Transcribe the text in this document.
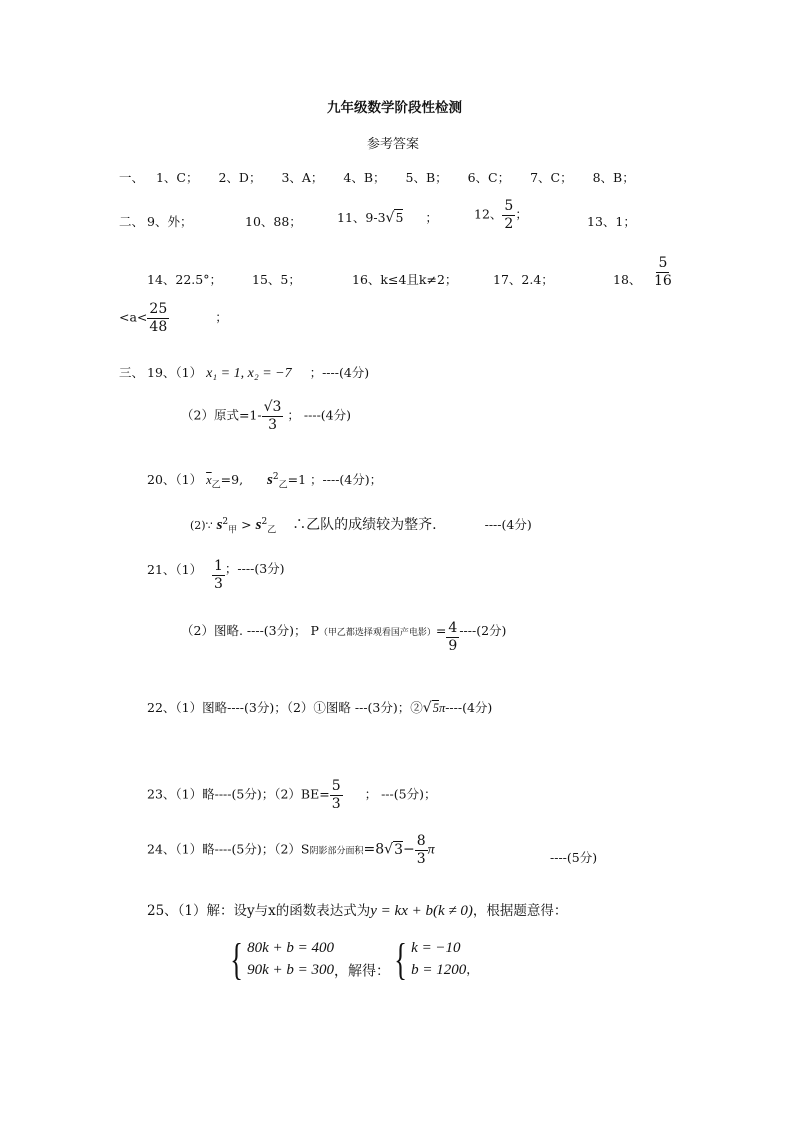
九年级数学阶段性检测
参考答案
一、 1、C； 2、D； 3、A； 4、B； 5、B； 6、C； 7、C； 8、B；
二、 9、外；	10、88；	11、9-3√5 ；	12、 $\frac{5}{2}$ ；	13、1；
14、22.5°； 15、5；	16、k≤4且k≠2；	17、2.4；	18、 $\frac{5}{16}$
$<a< \frac{25}{48}$	；
三、 19、（1） x₁ = 1, x₂ = −7 ；----(4分)
（2）原式$=1- \frac{√3}{3}$ ； ----(4分)
20、（1） $\overline{x}_乙=9$, $s^2_乙=1$ ；----(4分)；
(2)∵ $s^2_甲 > s^2_乙$ ∴乙队的成绩较为整齐.	----(4分)
21、$(1) \frac{1}{3}$ ；----(3分)
（2）图略. ----(3分)； P（甲乙都选择观看国产电影）= $\frac{4}{9} ----(2$分)
22、（1）图略----(3分)；（2）①图略 ---(3分)；②√5π----(4分)
23、（1）略----(5分)；$(2)BE= \frac{5}{3}$ ； ---(5分)；
24、（1）略----(5分)；（2）S阴影部分面积$=8√3- \frac{8}{3}$ π	----(5分)
25、（1）解：设y与x的函数表达式为y = kx + b(k ≠ 0)，根据题意得：
{ 80k + b = 400
90k + b = 300 ，解得：{ k = −10
b = 1200 ，
